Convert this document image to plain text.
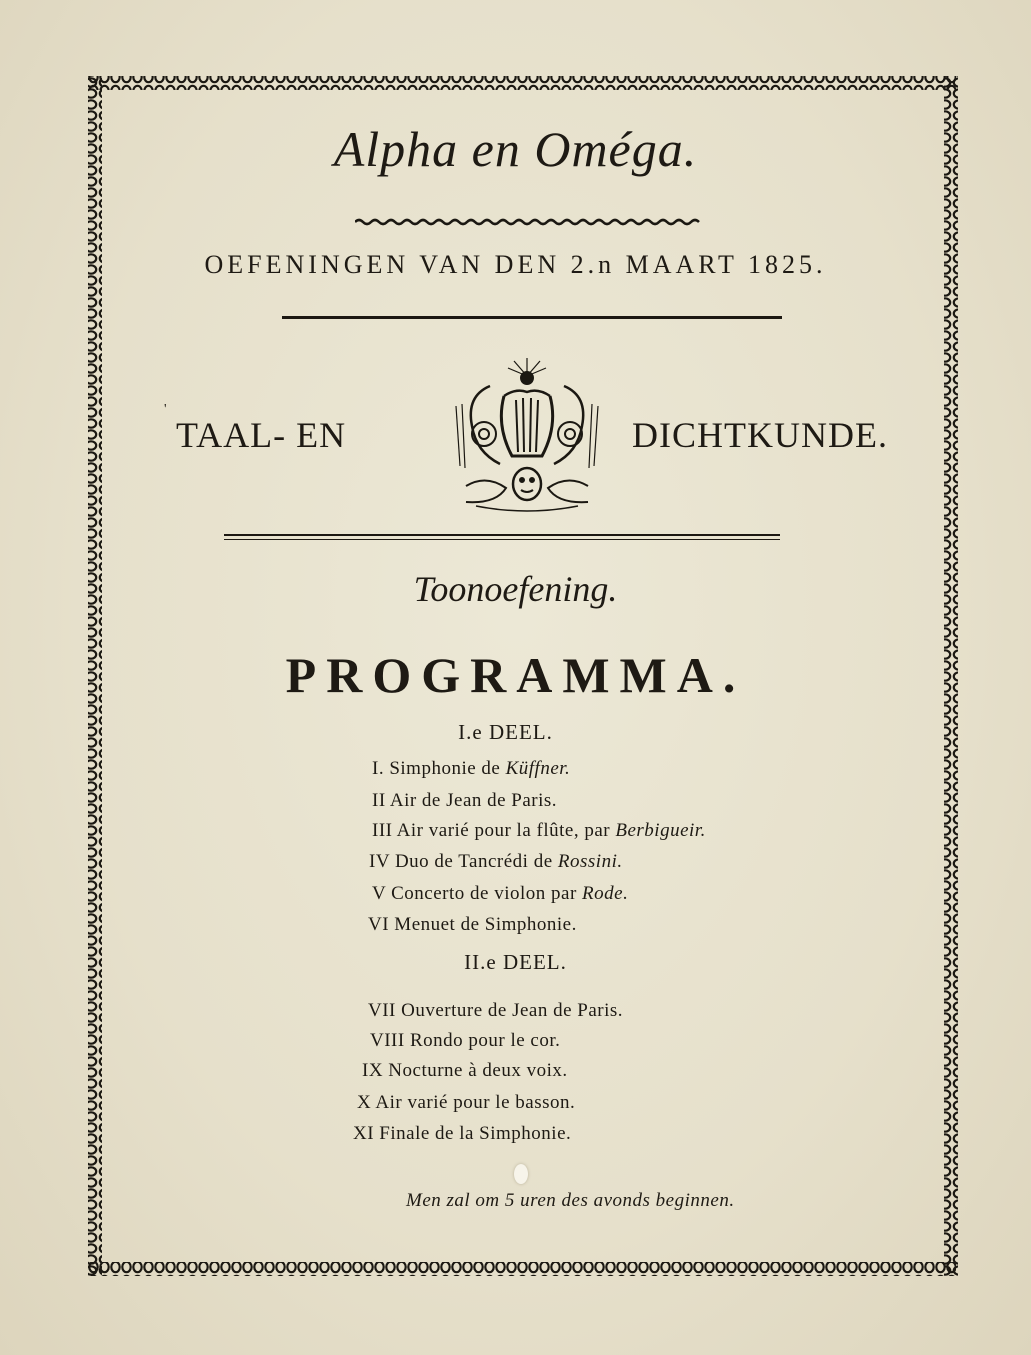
Alpha en Oméga.
OEFENINGEN VAN DEN 2.n MAART 1825.
'
TAAL- EN	DICHTKUNDE.
Toonoefening.
PROGRAMMA.
I.e DEEL.
I. Simphonie de Küffner.
II Air de Jean de Paris.
III Air varié pour la flûte, par Berbigueir.
IV Duo de Tancrédi de Rossini.
V Concerto de violon par Rode.
VI Menuet de Simphonie.
II.e DEEL.
VII Ouverture de Jean de Paris.
VIII Rondo pour le cor.
IX Nocturne à deux voix.
X Air varié pour le basson.
XI Finale de la Simphonie.
Men zal om 5 uren des avonds beginnen.
